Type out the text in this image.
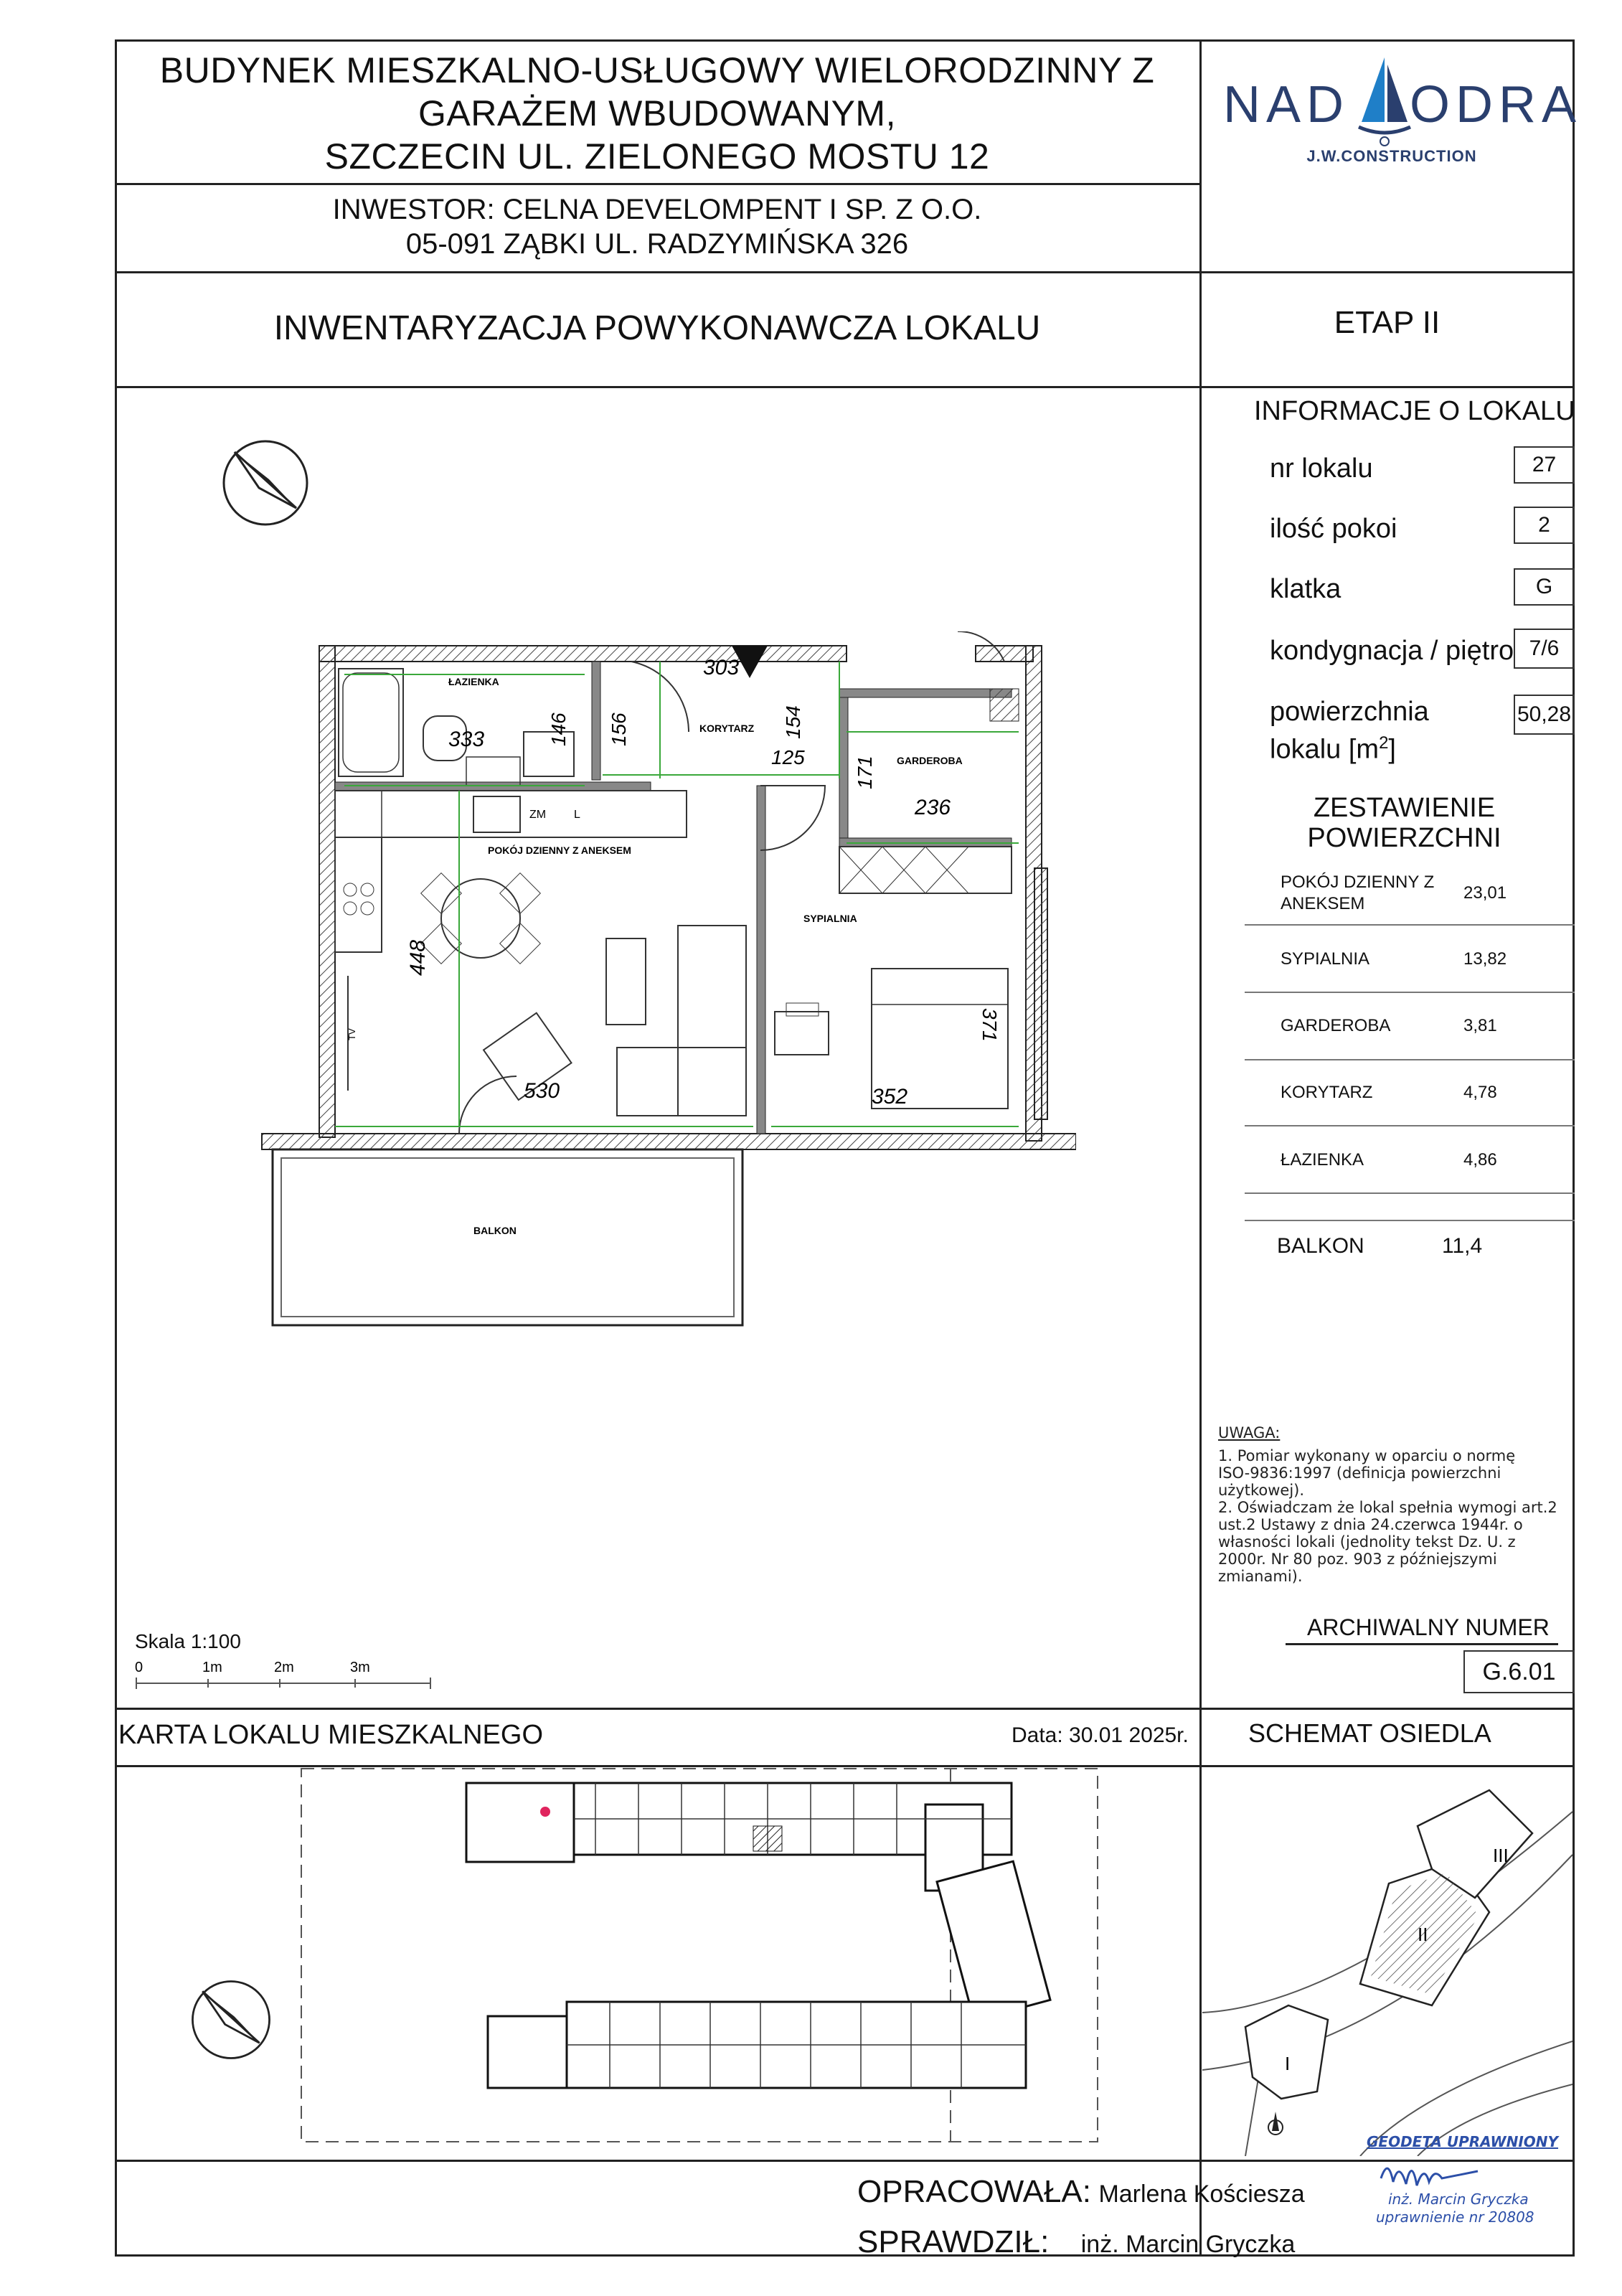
BUDYNEK MIESZKALNO-USŁUGOWY WIELORODZINNY Z
GARAŻEM WBUDOWANYM,
SZCZECIN UL. ZIELONEGO MOSTU 12
INWESTOR: CELNA DEVELOMPENT I SP. Z O.O.
05-091 ZĄBKI UL. RADZYMIŃSKA 326
INWENTARYZACJA POWYKONAWCZA LOKALU	ETAP II
NAD ODRA
J.W.CONSTRUCTION
INFORMACJE O LOKALU
nr lokalu	27
ilość pokoi	2
klatka	G
kondygnacja / piętro 7/6
powierzchnia
lokalu $[m^2]$
50,28
ZESTAWIENIE
POWIERZCHNI
POKÓJ DZIENNY Z
ANEKSEM
23,01
SYPIALNIA	13,82
GARDEROBA	3,81
KORYTARZ	4,78
ŁAZIENKA	4,86
BALKON	11,4
UWAGA:
1. Pomiar wykonany w oparciu o normę
ISO-9836:1997 (definicja powierzchni
użytkowej).
2. Oświadczam że lokal spełnia wymogi art.2
ust.2 Ustawy z dnia 24.czerwca 1944r. o
własności lokali (jednolity tekst Dz. U. z
2000r. Nr 80 poz. 903 z późniejszymi
zmianami).
ARCHIWALNY NUMER
G.6.01
Skala 1:100
0	1m	2m	3m
ŁAZIENKA
KORYTARZ
GARDEROBA
POKÓJ DZIENNY Z ANEKSEM
SYPIALNIA
BALKON
303
333	146 156	154
125 171
236
448
530	352
371
ZM L
TV
KARTA LOKALU MIESZKALNEGO	Data: 30.01 2025r. SCHEMAT OSIEDLA
I
II
III
OPRACOWAŁA: Marlena Kościesza
SPRAWDZIŁ: inż. Marcin Gryczka
GEODETA UPRAWNIONY
inż. Marcin Gryczka
uprawnienie nr 20808
